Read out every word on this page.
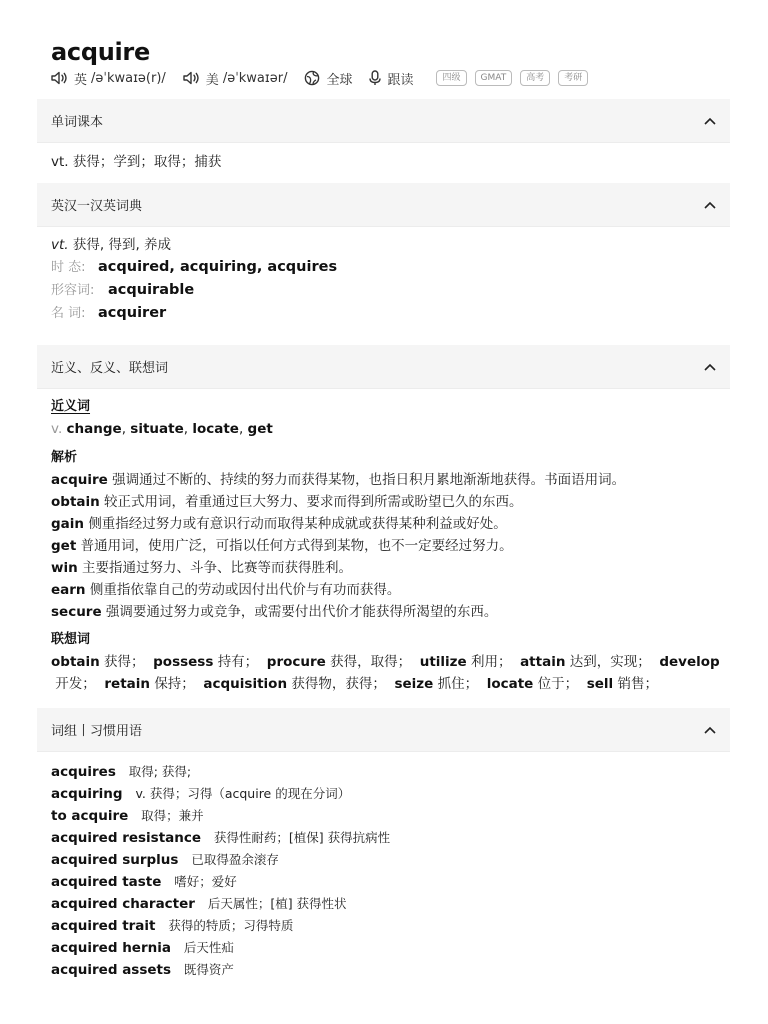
acquire
英 /əˈkwaɪə(r)/	美 /əˈkwaɪər/	全球	跟读	四级	GMAT	高考	考研
单词课本
vt. 获得；学到；取得；捕获
英汉一汉英词典
vt. 获得, 得到, 养成
时 态: acquired, acquiring, acquires
形容词: acquirable
名 词: acquirer
近义、反义、联想词
近义词
v. change, situate, locate, get
解析
acquire 强调通过不断的、持续的努力而获得某物，也指日积月累地渐渐地获得。书面语用词。
obtain 较正式用词，着重通过巨大努力、要求而得到所需或盼望已久的东西。
gain 侧重指经过努力或有意识行动而取得某种成就或获得某种利益或好处。
get 普通用词，使用广泛，可指以任何方式得到某物，也不一定要经过努力。
win 主要指通过努力、斗争、比赛等而获得胜利。
earn 侧重指依靠自己的劳动或因付出代价与有功而获得。
secure 强调要通过努力或竞争，或需要付出代价才能获得所渴望的东西。
联想词
obtain 获得； possess 持有； procure 获得，取得； utilize 利用； attain 达到，实现； develop
开发； retain 保持； acquisition 获得物，获得； seize 抓住； locate 位于； sell 销售；
词组丨习惯用语
acquires 取得; 获得;
acquiring v. 获得；习得（acquire 的现在分词）
to acquire 取得；兼并
acquired resistance 获得性耐药；[植保] 获得抗病性
acquired surplus 已取得盈余滚存
acquired taste 嗜好；爱好
acquired character 后天属性；[植] 获得性状
acquired trait 获得的特质；习得特质
acquired hernia 后天性疝
acquired assets 既得资产
